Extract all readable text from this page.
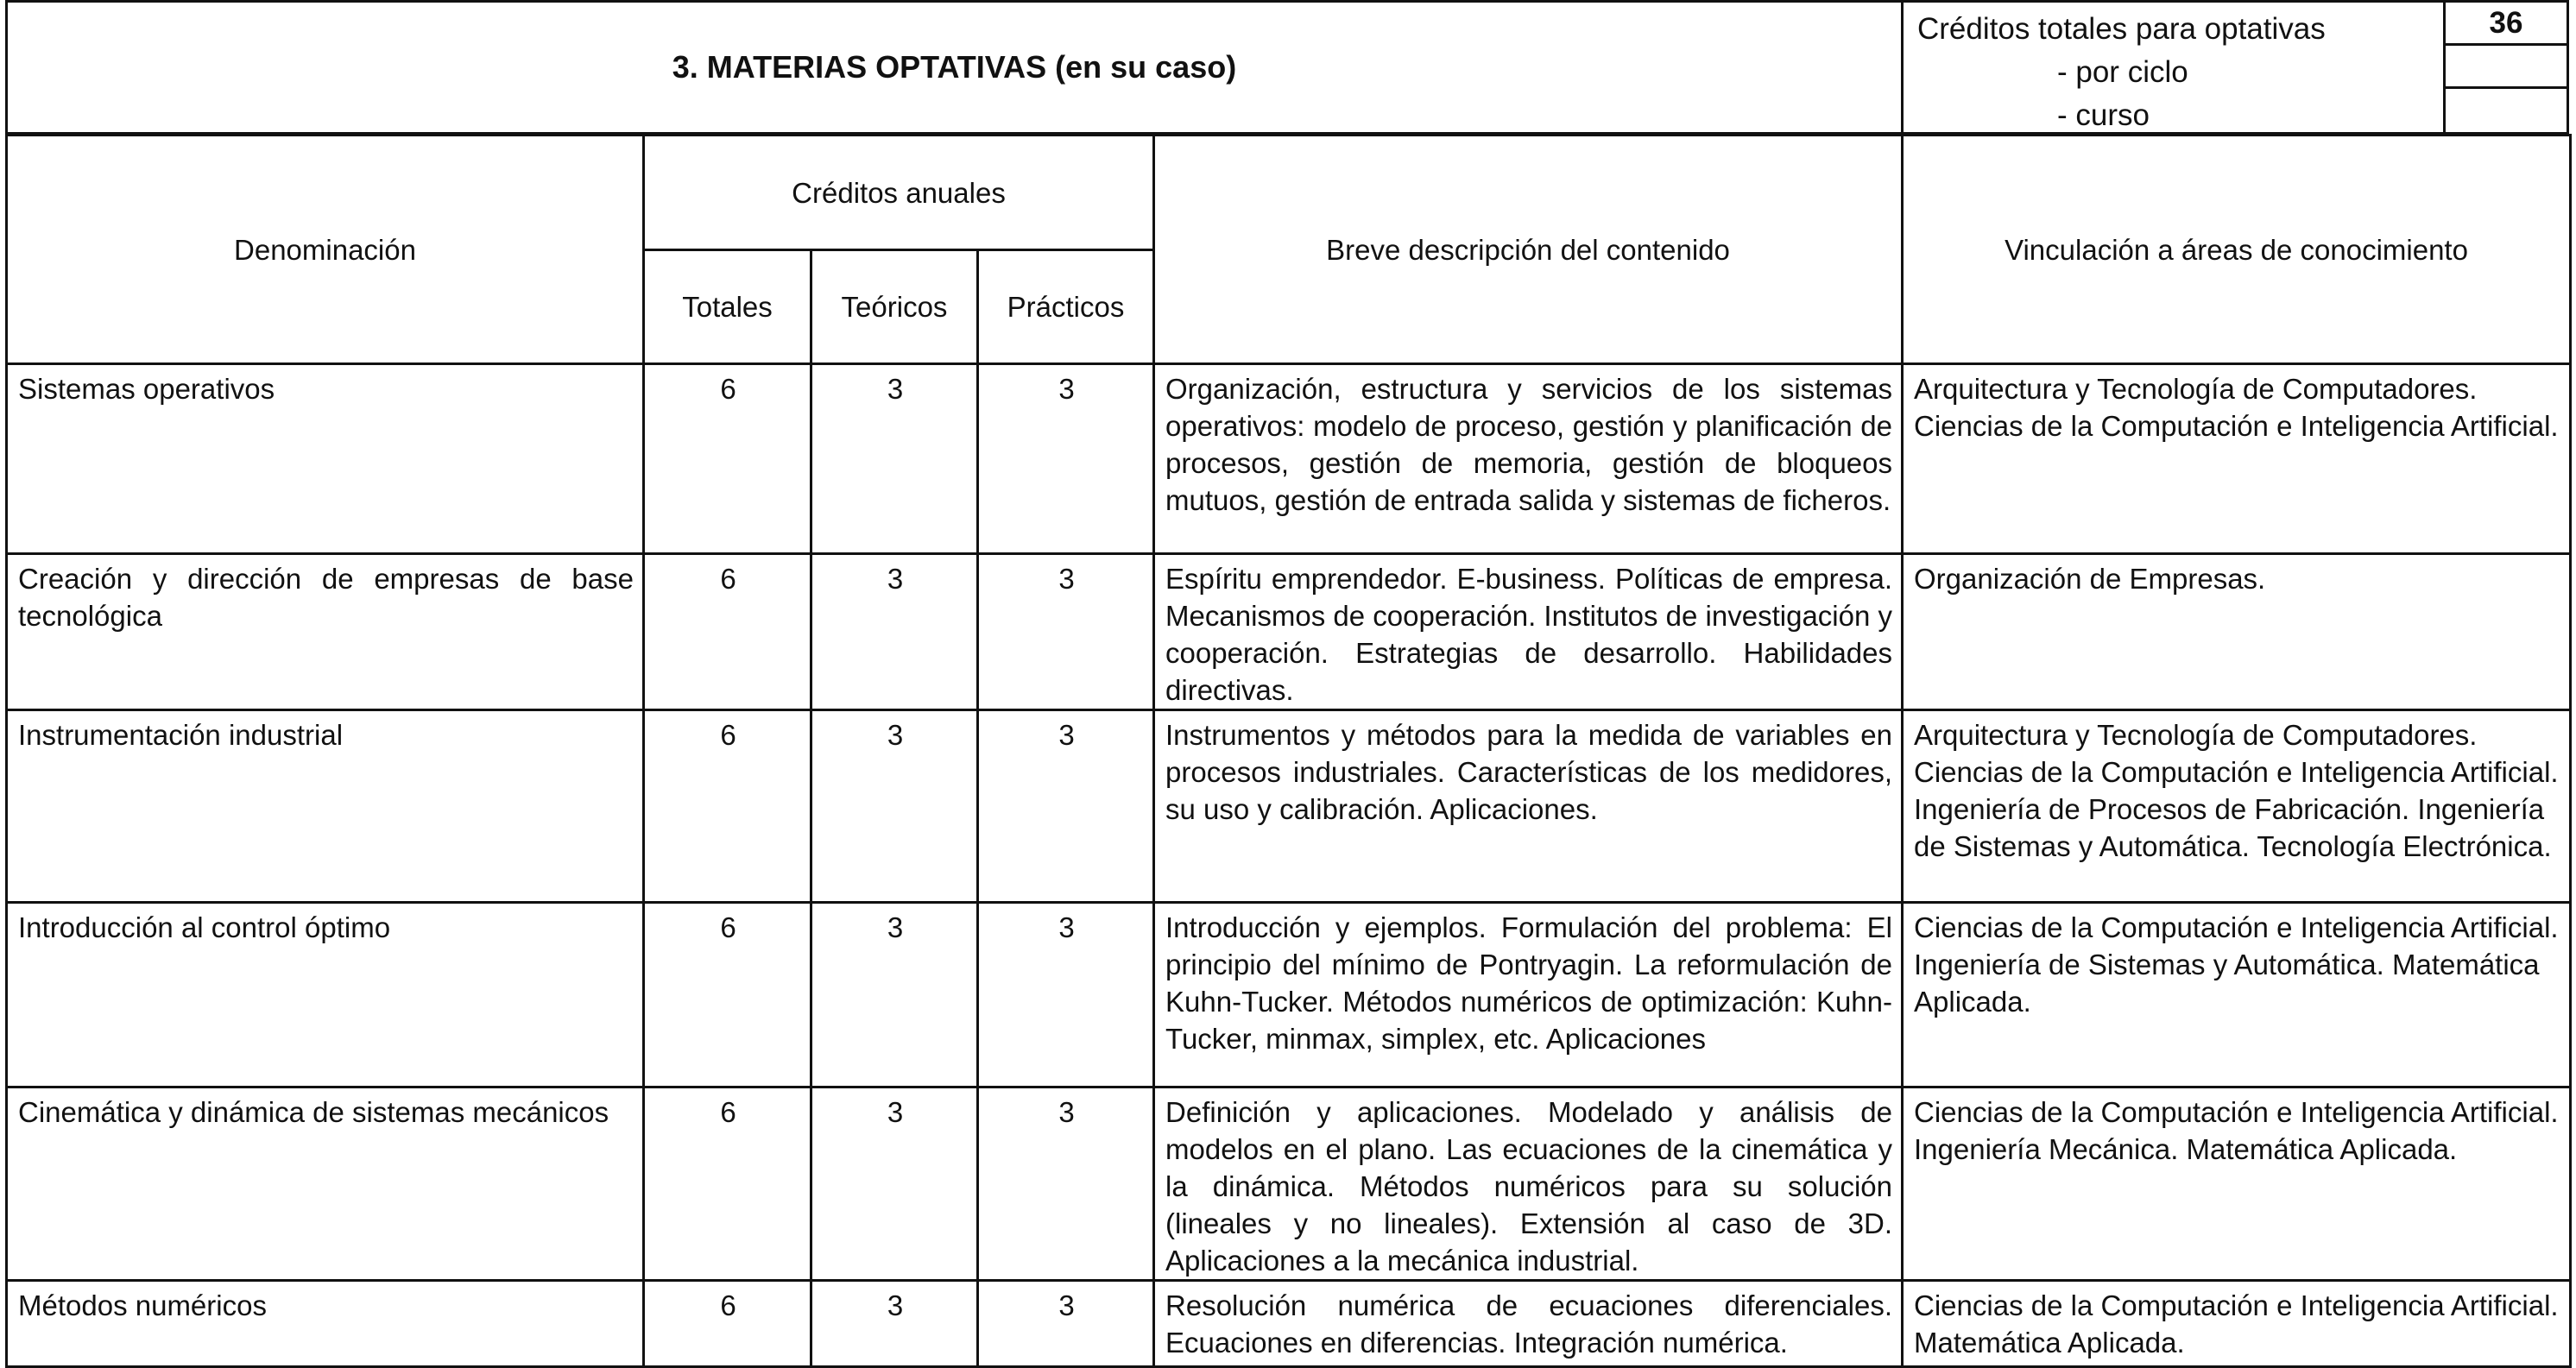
3. MATERIAS OPTATIVAS (en su caso)
Créditos totales para optativas
- por ciclo
- curso
36
Denominación	Créditos anuales			Breve descripción del contenido	Vinculación a áreas de conocimiento
	Totales	Teóricos	Prácticos		
Sistemas operativos	6	3	3	Organización, estructura y servicios de los sistemas operativos: modelo de proceso, gestión y planificación de procesos, gestión de memoria, gestión de bloqueos mutuos, gestión de entrada salida y sistemas de ficheros.	Arquitectura y Tecnología de Computadores. Ciencias de la Computación e Inteligencia Artificial.
Creación y dirección de empresas de base tecnológica	6	3	3	Espíritu emprendedor. E-business. Políticas de empresa. Mecanismos de cooperación. Institutos de investigación y cooperación. Estrategias de desarrollo. Habilidades directivas.	Organización de Empresas.
Instrumentación industrial	6	3	3	Instrumentos y métodos para la medida de variables en procesos industriales. Características de los medidores, su uso y calibración. Aplicaciones.	Arquitectura y Tecnología de Computadores. Ciencias de la Computación e Inteligencia Artificial. Ingeniería de Procesos de Fabricación. Ingeniería de Sistemas y Automática. Tecnología Electrónica.
Introducción al control óptimo	6	3	3	Introducción y ejemplos. Formulación del problema: El principio del mínimo de Pontryagin. La reformulación de Kuhn-Tucker. Métodos numéricos de optimización: Kuhn-Tucker, minmax, simplex, etc. Aplicaciones	Ciencias de la Computación e Inteligencia Artificial. Ingeniería de Sistemas y Automática. Matemática Aplicada.
Cinemática y dinámica de sistemas mecánicos	6	3	3	Definición y aplicaciones. Modelado y análisis de modelos en el plano. Las ecuaciones de la cinemática y la dinámica. Métodos numéricos para su solución (lineales y no lineales). Extensión al caso de 3D. Aplicaciones a la mecánica industrial.	Ciencias de la Computación e Inteligencia Artificial. Ingeniería Mecánica. Matemática Aplicada.
Métodos numéricos	6	3	3	Resolución numérica de ecuaciones diferenciales. Ecuaciones en diferencias. Integración numérica.	Ciencias de la Computación e Inteligencia Artificial. Matemática Aplicada.
